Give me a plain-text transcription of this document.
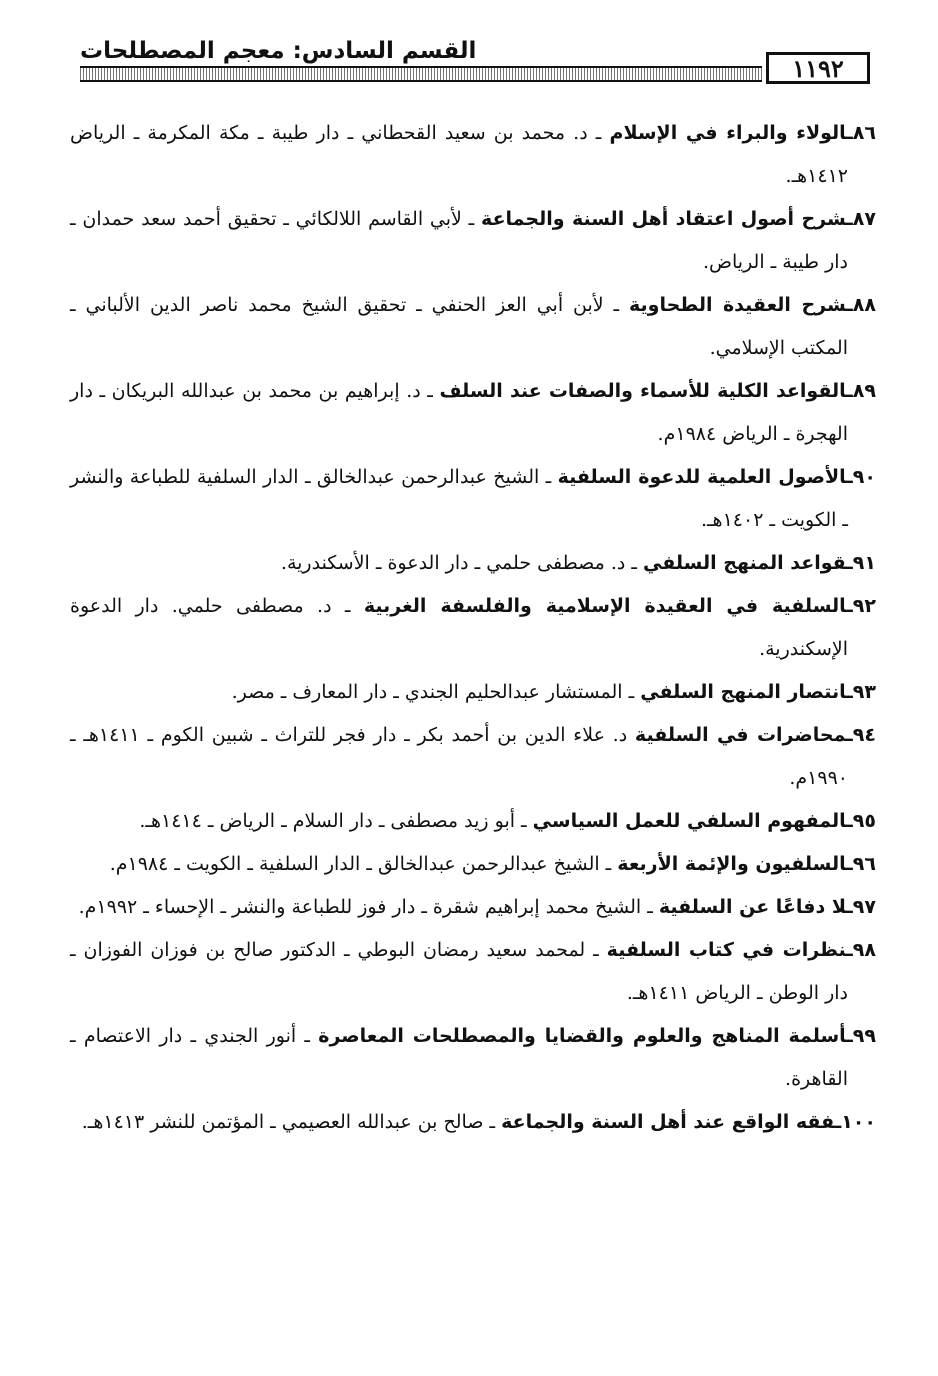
١١٩٢
القسم السادس: معجم المصطلحات
٨٦ـالولاء والبراء في الإسلام ـ د. محمد بن سعيد القحطاني ـ دار طيبة ـ مكة المكرمة ـ الرياض ١٤١٢هـ.
٨٧ـشرح أصول اعتقاد أهل السنة والجماعة ـ لأبي القاسم اللالكائي ـ تحقيق أحمد سعد حمدان ـ دار طيبة ـ الرياض.
٨٨ـشرح العقيدة الطحاوية ـ لأبن أبي العز الحنفي ـ تحقيق الشيخ محمد ناصر الدين الألباني ـ المكتب الإسلامي.
٨٩ـالقواعد الكلية للأسماء والصفات عند السلف ـ د. إبراهيم بن محمد بن عبدالله البريكان ـ دار الهجرة ـ الرياض ١٩٨٤م.
٩٠ـالأصول العلمية للدعوة السلفية ـ الشيخ عبدالرحمن عبدالخالق ـ الدار السلفية للطباعة والنشر ـ الكويت ـ ١٤٠٢هـ.
٩١ـقواعد المنهج السلفي ـ د. مصطفى حلمي ـ دار الدعوة ـ الأسكندرية.
٩٢ـالسلفية في العقيدة الإسلامية والفلسفة الغربية ـ د. مصطفى حلمي. دار الدعوة الإسكندرية.
٩٣ـانتصار المنهج السلفي ـ المستشار عبدالحليم الجندي ـ دار المعارف ـ مصر.
٩٤ـمحاضرات في السلفية د. علاء الدين بن أحمد بكر ـ دار فجر للتراث ـ شبين الكوم ـ ١٤١١هـ ـ ١٩٩٠م.
٩٥ـالمفهوم السلفي للعمل السياسي ـ أبو زيد مصطفى ـ دار السلام ـ الرياض ـ ١٤١٤هـ.
٩٦ـالسلفيون والإئمة الأربعة ـ الشيخ عبدالرحمن عبدالخالق ـ الدار السلفية ـ الكويت ـ ١٩٨٤م.
٩٧ـلا دفاعًا عن السلفية ـ الشيخ محمد إبراهيم شقرة ـ دار فوز للطباعة والنشر ـ الإحساء ـ ١٩٩٢م.
٩٨ـنظرات في كتاب السلفية ـ لمحمد سعيد رمضان البوطي ـ الدكتور صالح بن فوزان الفوزان ـ دار الوطن ـ الرياض ١٤١١هـ.
٩٩ـأسلمة المناهج والعلوم والقضايا والمصطلحات المعاصرة ـ أنور الجندي ـ دار الاعتصام ـ القاهرة.
١٠٠ـفقه الواقع عند أهل السنة والجماعة ـ صالح بن عبدالله العصيمي ـ المؤتمن للنشر ١٤١٣هـ.
